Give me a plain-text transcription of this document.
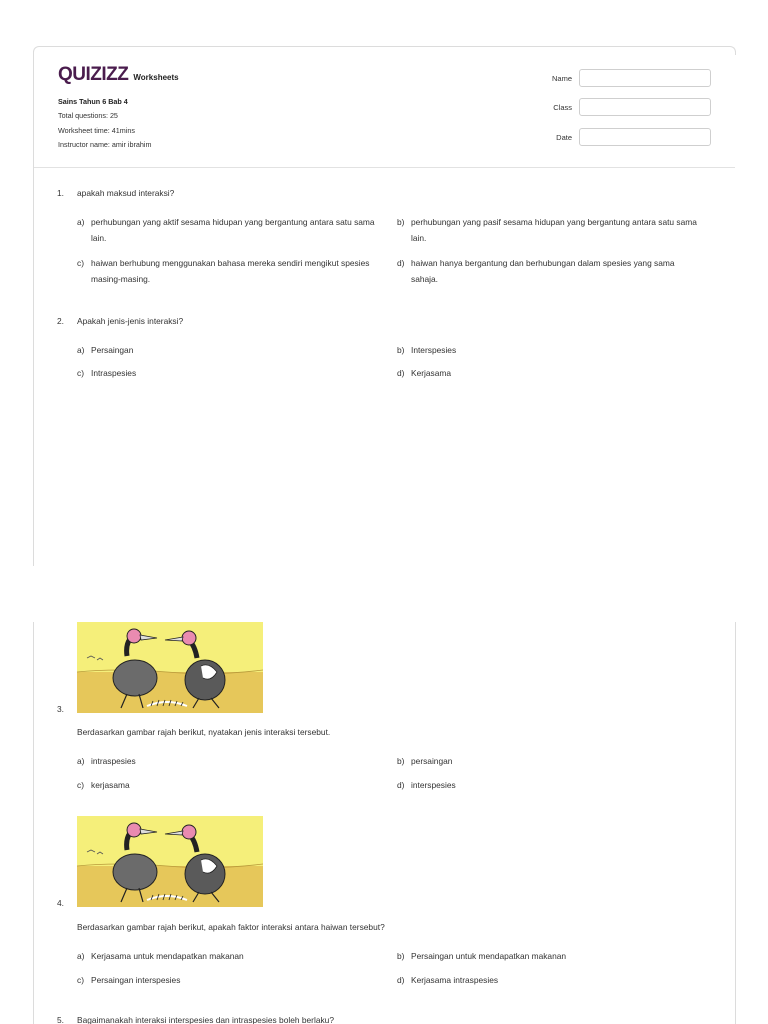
QUIZIZZ Worksheets
Sains Tahun 6 Bab 4
Total questions: 25
Worksheet time: 41mins
Instructor name: amir ibrahim
Name
Class
Date
1. apakah maksud interaksi?
a) perhubungan yang aktif sesama hidupan yang bergantung antara satu sama lain.
b) perhubungan yang pasif sesama hidupan yang bergantung antara satu sama lain.
c) haiwan berhubung menggunakan bahasa mereka sendiri mengikut spesies masing-masing.
d) haiwan hanya bergantung dan berhubungan dalam spesies yang sama sahaja.
2. Apakah jenis-jenis interaksi?
a) Persaingan	b) Interspesies
c) Intraspesies	d) Kerjasama
3.
Berdasarkan gambar rajah berikut, nyatakan jenis interaksi tersebut.
a) intraspesies	b) persaingan
c) kerjasama	d) interspesies
4.
Berdasarkan gambar rajah berikut, apakah faktor interaksi antara haiwan tersebut?
a) Kerjasama untuk mendapatkan makanan	b) Persaingan untuk mendapatkan makanan
c) Persaingan interspesies	d) Kerjasama intraspesies
5. Bagaimanakah interaksi interspesies dan intraspesies boleh berlaku?
